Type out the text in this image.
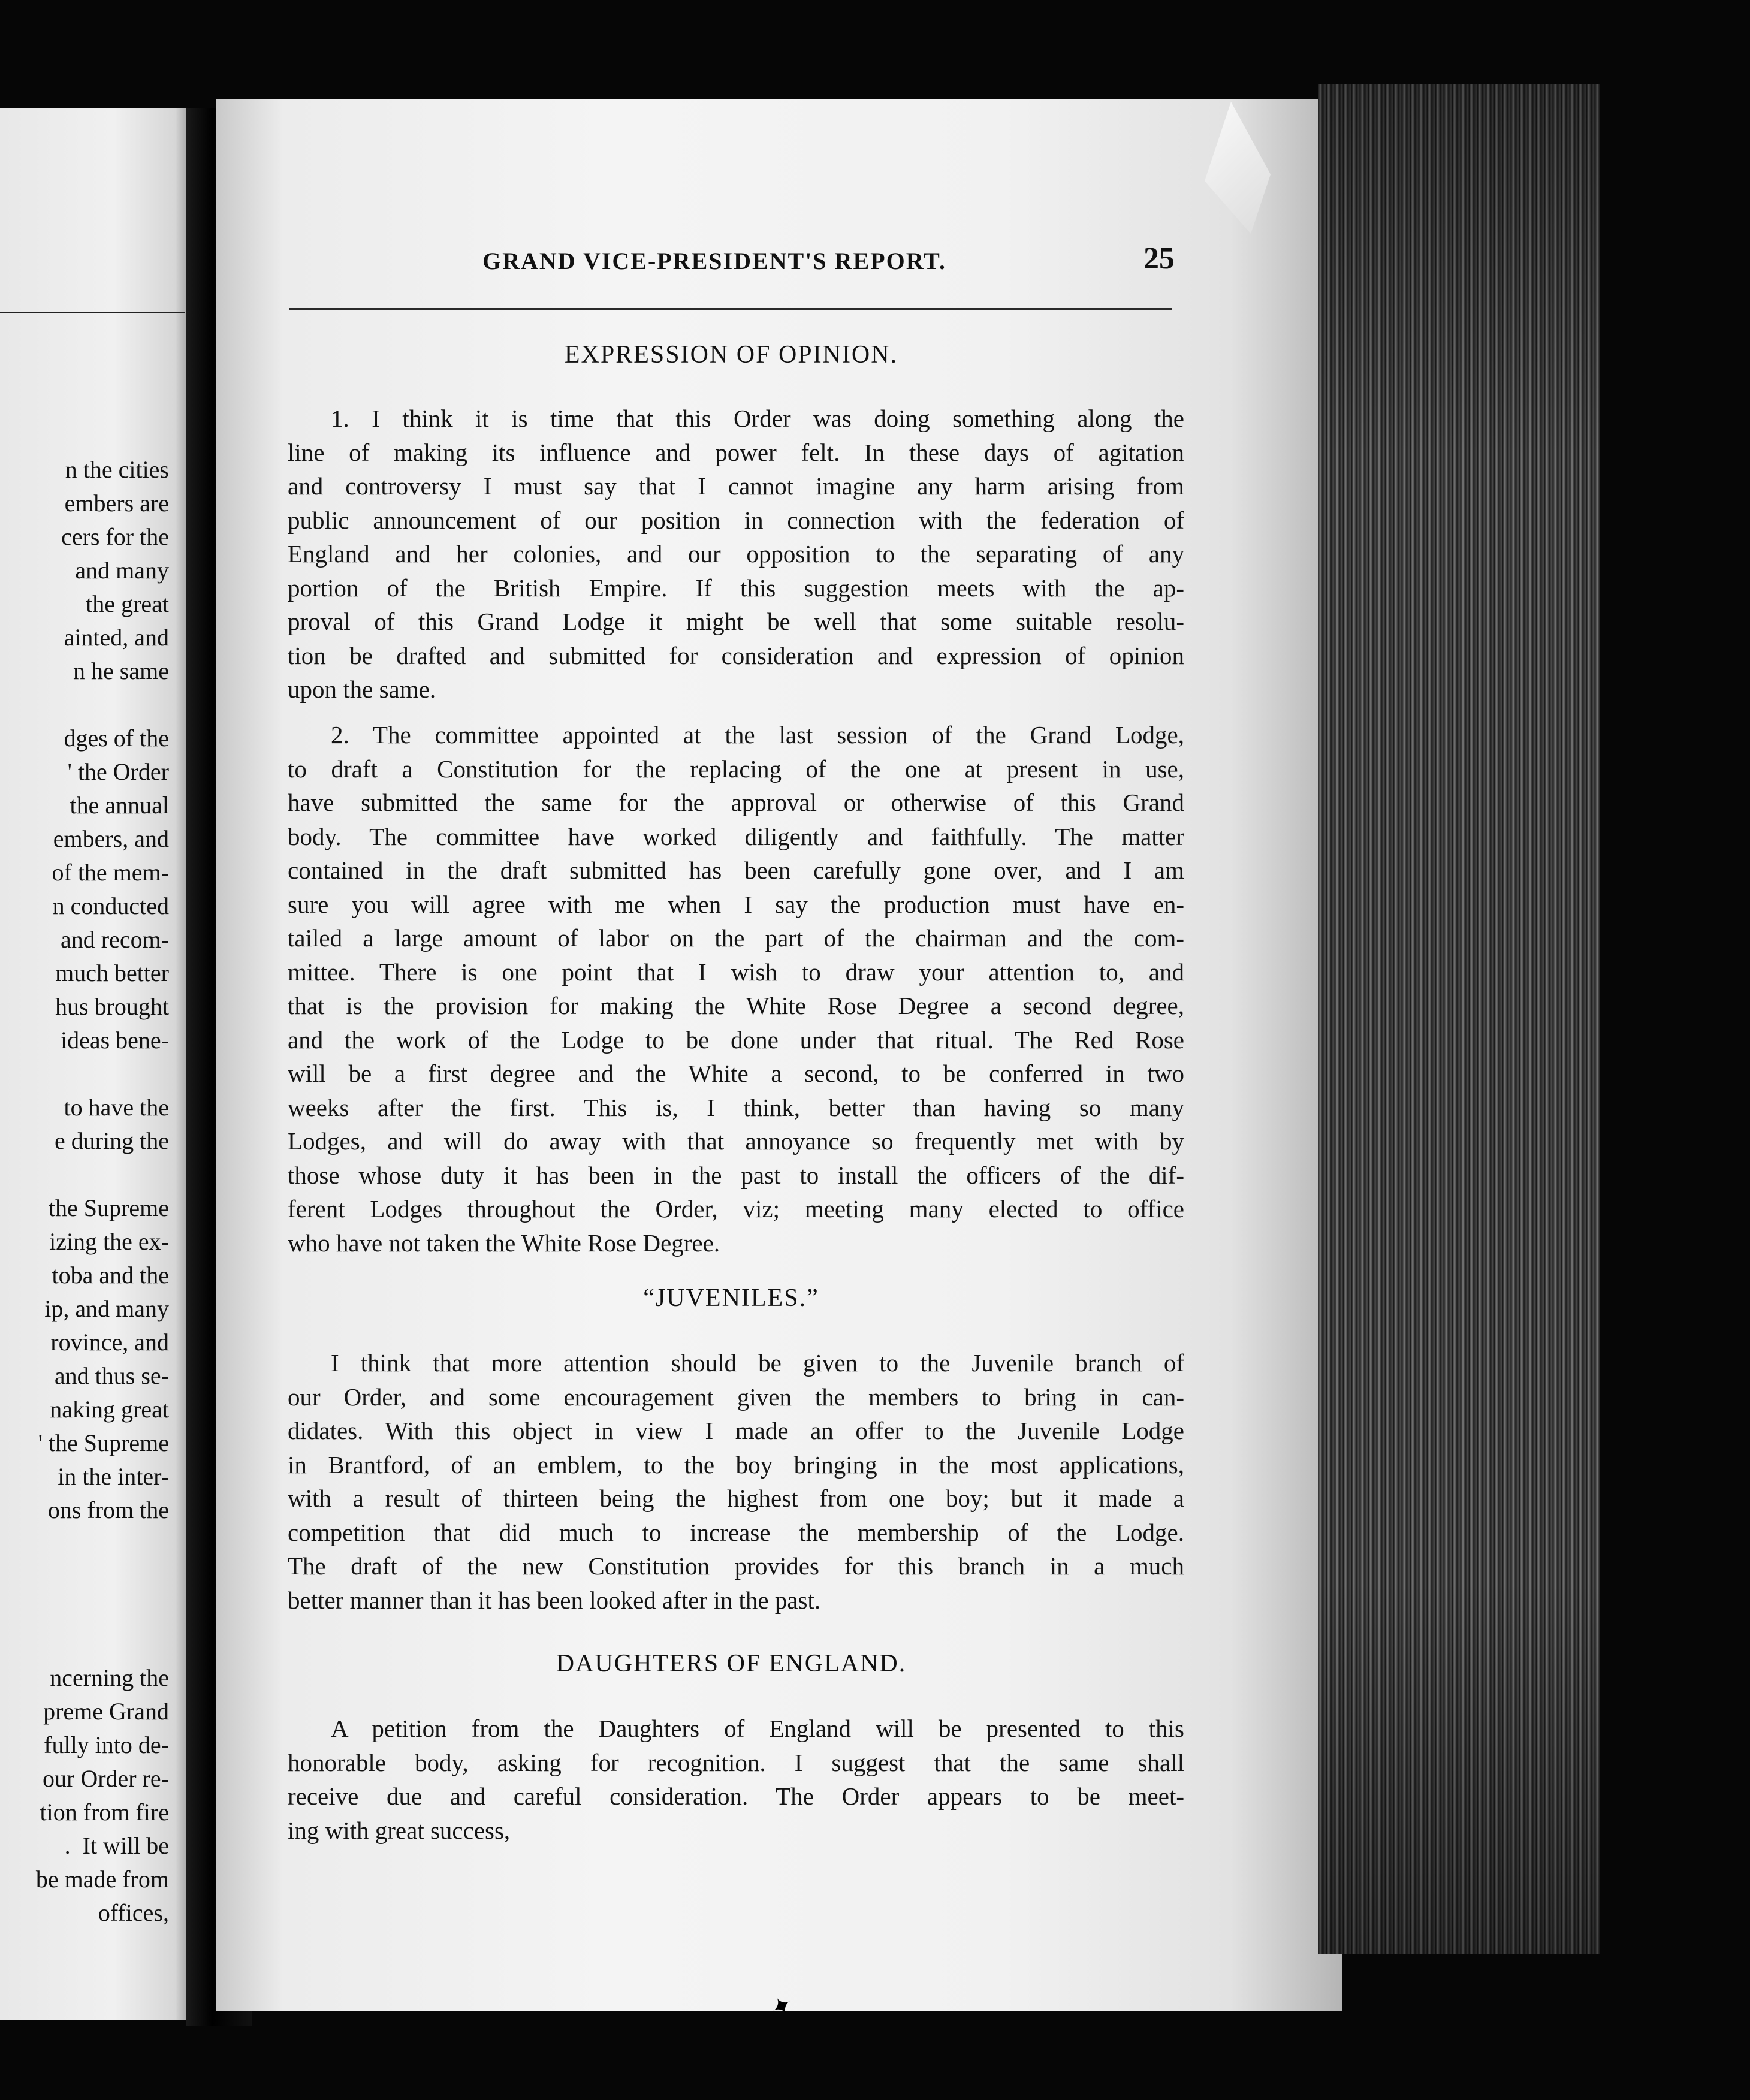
n the cities
embers are
cers for the
and many
the great
ainted, and
n he same
dges of the
' the Order
the annual
embers, and
of the mem-
n conducted
and recom-
much better
hus brought
ideas bene-
to have the
e during the
the Supreme
izing the ex-
toba and the
ip, and many
rovince, and
and thus se-
naking great
' the Supreme
in the inter-
ons from the
ncerning the
preme Grand
fully into de-
our Order re-
tion from fire
.  It will be
be made from
offices,
GRAND VICE-PRESIDENT'S REPORT.	25
EXPRESSION OF OPINION.
1. I think it is time that this Order was doing something along the
line of making its influence and power felt. In these days of agitation
and controversy I must say that I cannot imagine any harm arising from
public announcement of our position in connection with the federation of
England and her colonies, and our opposition to the separating of any
portion of the British Empire. If this suggestion meets with the ap-
proval of this Grand Lodge it might be well that some suitable resolu-
tion be drafted and submitted for consideration and expression of opinion
upon the same.
2. The committee appointed at the last session of the Grand Lodge,
to draft a Constitution for the replacing of the one at present in use,
have submitted the same for the approval or otherwise of this Grand
body. The committee have worked diligently and faithfully. The matter
contained in the draft submitted has been carefully gone over, and I am
sure you will agree with me when I say the production must have en-
tailed a large amount of labor on the part of the chairman and the com-
mittee. There is one point that I wish to draw your attention to, and
that is the provision for making the White Rose Degree a second degree,
and the work of the Lodge to be done under that ritual. The Red Rose
will be a first degree and the White a second, to be conferred in two
weeks after the first. This is, I think, better than having so many
Lodges, and will do away with that annoyance so frequently met with by
those whose duty it has been in the past to install the officers of the dif-
ferent Lodges throughout the Order, viz; meeting many elected to office
who have not taken the White Rose Degree.
“JUVENILES.”
I think that more attention should be given to the Juvenile branch of
our Order, and some encouragement given the members to bring in can-
didates. With this object in view I made an offer to the Juvenile Lodge
in Brantford, of an emblem, to the boy bringing in the most applications,
with a result of thirteen being the highest from one boy; but it made a
competition that did much to increase the membership of the Lodge.
The draft of the new Constitution provides for this branch in a much
better manner than it has been looked after in the past.
DAUGHTERS OF ENGLAND.
A petition from the Daughters of England will be presented to this
honorable body, asking for recognition. I suggest that the same shall
receive due and careful consideration. The Order appears to be meet-
ing with great success,
✦
